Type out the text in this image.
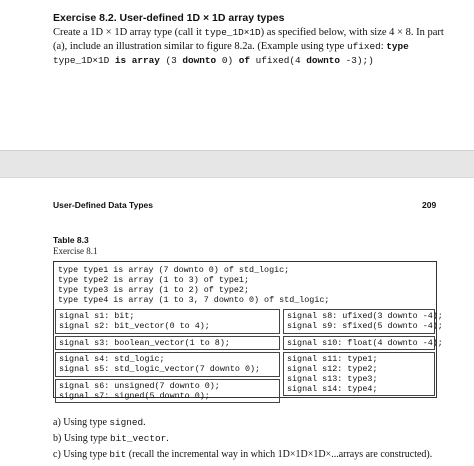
Exercise 8.2. User-defined 1D × 1D array types
Create a 1D × 1D array type (call it type_1D×1D) as specified below, with size 4 × 8. In part (a), include an illustration similar to figure 8.2a. (Example using type ufixed: type type_1D×1D is array (3 downto 0) of ufixed(4 downto -3);)
User-Defined Data Types	209
Table 8.3
Exercise 8.1
type type1 is array (7 downto 0) of std_logic;
type type2 is array (1 to 3) of type1;
type type3 is array (1 to 2) of type2;
type type4 is array (1 to 3, 7 downto 0) of std_logic;
signal s1: bit;
signal s2: bit_vector(0 to 4);
signal s3: boolean_vector(1 to 8);
signal s4: std_logic;
signal s5: std_logic_vector(7 downto 0);
signal s6: unsigned(7 downto 0);
signal s7: signed(5 downto 0);
signal s8: ufixed(3 downto -4);
signal s9: sfixed(5 downto -4);
signal s10: float(4 downto -4);
signal s11: type1;
signal s12: type2;
signal s13: type3;
signal s14: type4;
a) Using type signed.
b) Using type bit_vector.
c) Using type bit (recall the incremental way in which 1D×1D×1D×...arrays are constructed).
